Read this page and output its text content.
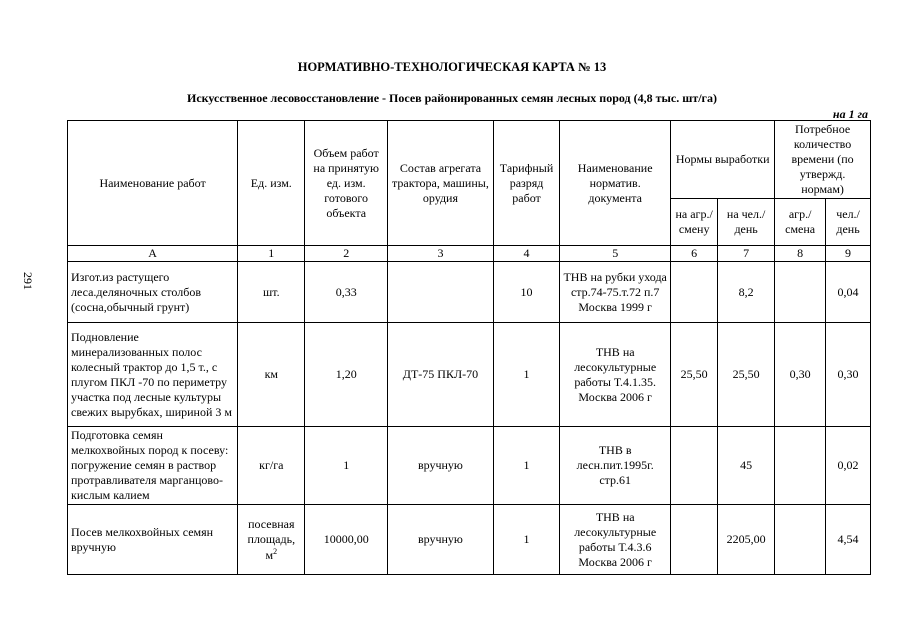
НОРМАТИВНО-ТЕХНОЛОГИЧЕСКАЯ КАРТА № 13
Искусственное лесовосстановление - Посев районированных семян лесных пород (4,8 тыс. шт/га)
на 1 га
291
Наименование работ	Ед. изм.	Объем работ на принятую ед. изм. готового объекта	Состав агрегата трактора, машины, орудия	Тарифный разряд работ	Наименование норматив. документа	Нормы выработки		Потребное количество времени (по утвержд. нормам)	
						на агр./ смену	на чел./ день	агр./ смена	чел./ день
А	1	2	3	4	5	6	7	8	9
Изгот.из растущего леса.деляночных столбов (сосна,обычный грунт)	шт.	0,33		10	ТНВ на рубки ухода стр.74-75.т.72 п.7 Москва 1999 г		8,2		0,04
Подновление минерализованных полос колесный трактор до 1,5 т., с плугом ПКЛ -70 по периметру участка под лесные культуры свежих вырубках, шириной 3 м	км	1,20	ДТ-75 ПКЛ-70	1	ТНВ на лесокультурные работы Т.4.1.35. Москва 2006 г	25,50	25,50	0,30	0,30
Подготовка семян мелкохвойных пород к посеву: погружение семян в раствор протравливателя марганцово-кислым калием	кг/га	1	вручную	1	ТНВ в лесн.пит.1995г. стр.61		45		0,02
Посев мелкохвойных семян вручную	посевная площадь, $м^2$	10000,00	вручную	1	ТНВ на лесокультурные работы Т.4.3.6 Москва 2006 г		2205,00		4,54
